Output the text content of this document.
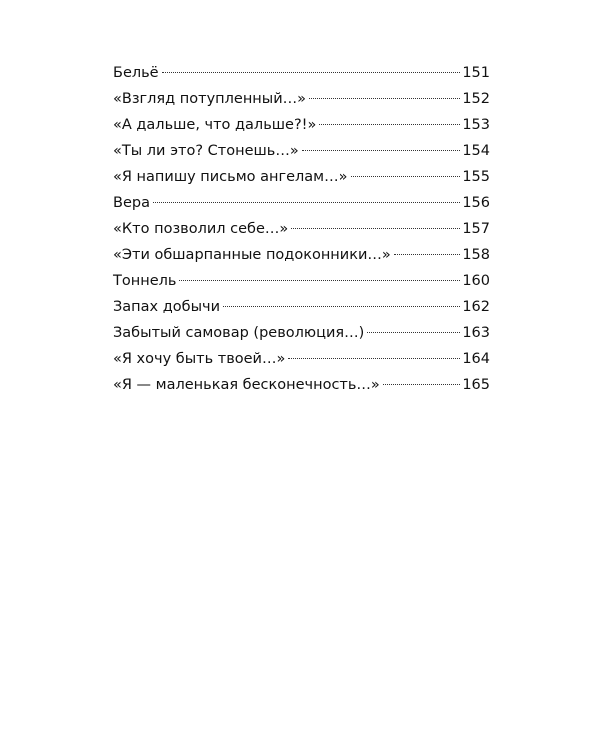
Бельё	151
«Взгляд потупленный…»	152
«А дальше, что дальше?!»	153
«Ты ли это? Стонешь…»	154
«Я напишу письмо ангелам…»	155
Вера	156
«Кто позволил себе…»	157
«Эти обшарпанные подоконники…»	158
Тоннель	160
Запах добычи	162
Забытый самовар (революция…)	163
«Я хочу быть твоей…»	164
«Я — маленькая бесконечность…»	165
